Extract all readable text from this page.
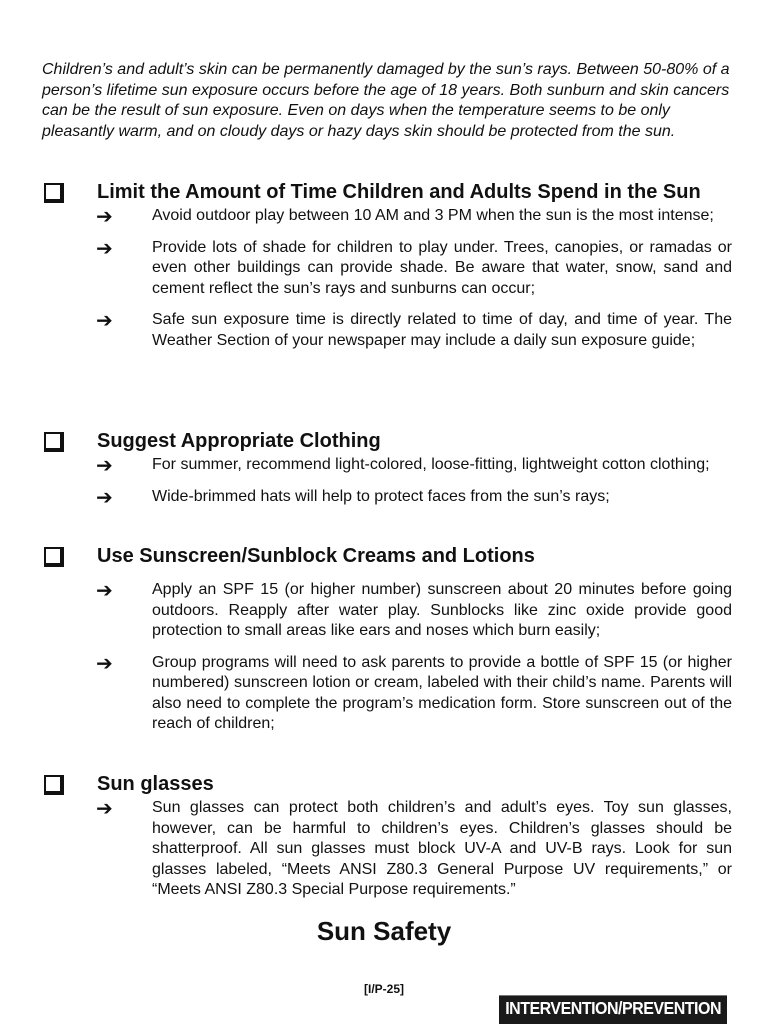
Children’s and adult’s skin can be permanently damaged by the sun’s rays. Between 50-80% of a person’s lifetime sun exposure occurs before the age of 18 years. Both sunburn and skin cancers can be the result of sun exposure. Even on days when the temperature seems to be only pleasantly warm, and on cloudy days or hazy days skin should be protected from the sun.

Limit the Amount of Time Children and Adults Spend in the Sun
➔ Avoid outdoor play between 10 AM and 3 PM when the sun is the most intense;
➔ Provide lots of shade for children to play under. Trees, canopies, or ramadas or even other buildings can provide shade. Be aware that water, snow, sand and cement reflect the sun’s rays and sunburns can occur;
➔ Safe sun exposure time is directly related to time of day, and time of year. The Weather Section of your newspaper may include a daily sun exposure guide;
Suggest Appropriate Clothing
➔ For summer, recommend light-colored, loose-fitting, lightweight cotton clothing;
➔ Wide-brimmed hats will help to protect faces from the sun’s rays;
Use Sunscreen/Sunblock Creams and Lotions
➔ Apply an SPF 15 (or higher number) sunscreen about 20 minutes before going outdoors. Reapply after water play. Sunblocks like zinc oxide provide good protection to small areas like ears and noses which burn easily;
➔ Group programs will need to ask parents to provide a bottle of SPF 15 (or higher numbered) sunscreen lotion or cream, labeled with their child’s name. Parents will also need to complete the program’s medication form. Store sunscreen out of the reach of children;
Sun glasses
➔ Sun glasses can protect both children’s and adult’s eyes. Toy sun glasses, however, can be harmful to children’s eyes. Children’s glasses should be shatterproof. All sun glasses must block UV-A and UV-B rays. Look for sun glasses labeled, “Meets ANSI Z80.3 General Purpose UV requirements,” or “Meets ANSI Z80.3 Special Purpose requirements.”
Sun Safety
[I/P-25]
INTERVENTION/PREVENTION
